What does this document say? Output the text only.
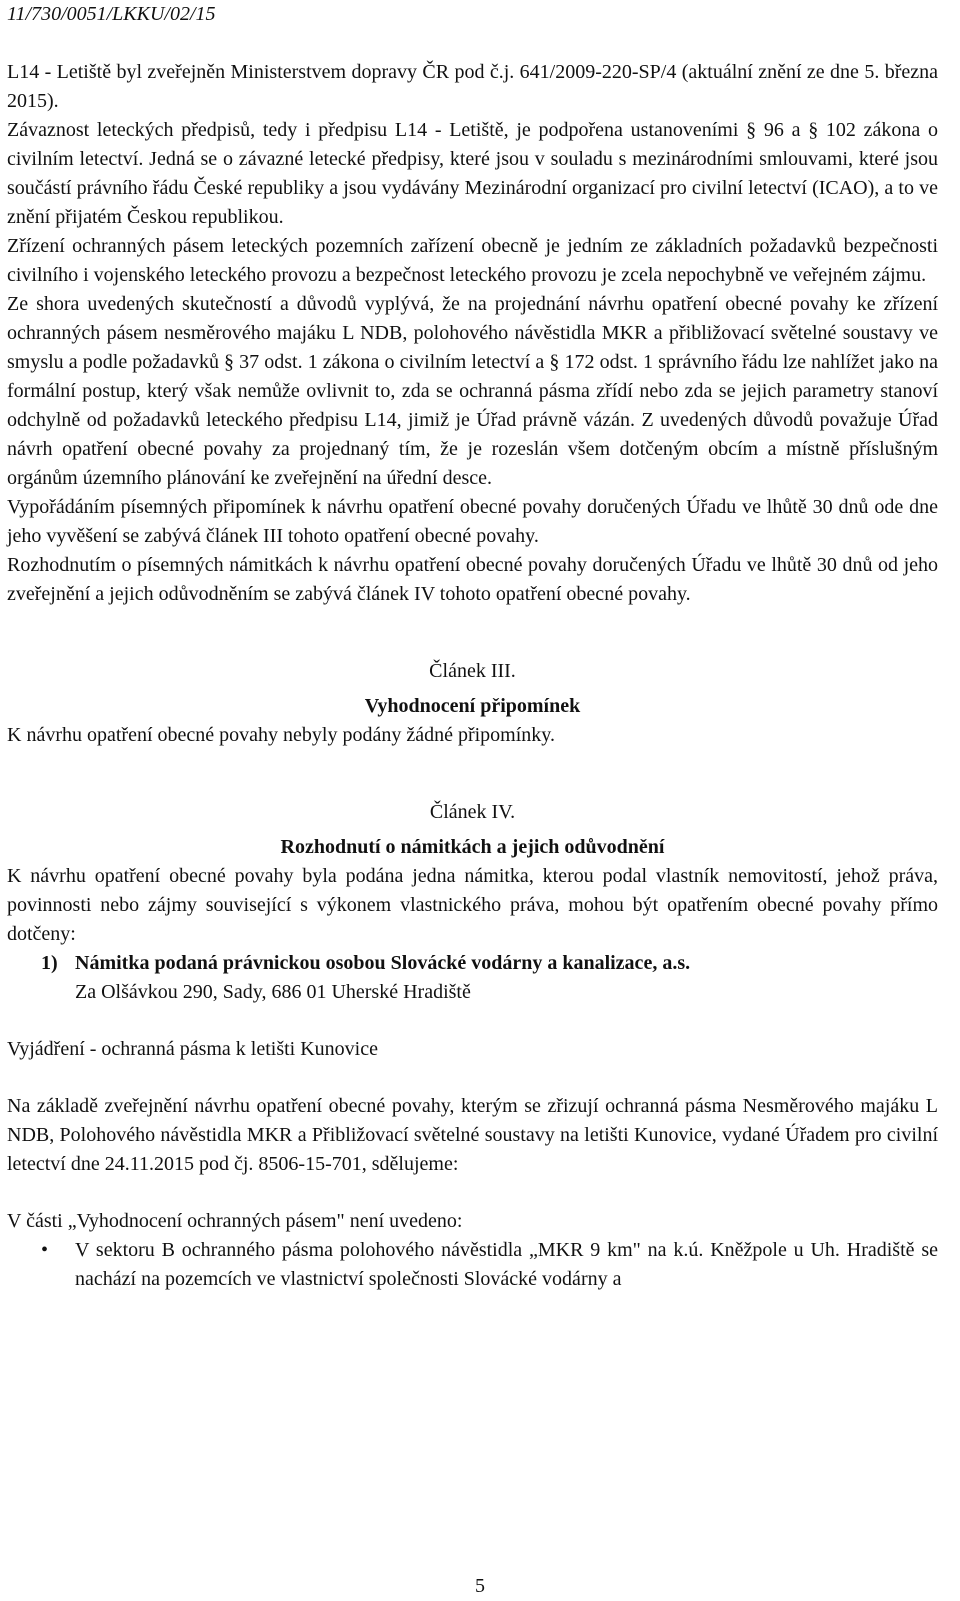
11/730/0051/LKKU/02/15

L14 - Letiště byl zveřejněn Ministerstvem dopravy ČR pod č.j. 641/2009-220-SP/4 (aktuální znění ze dne 5. března 2015).

Závaznost leteckých předpisů, tedy i předpisu L14 - Letiště, je podpořena ustanoveními § 96 a § 102 zákona o civilním letectví. Jedná se o závazné letecké předpisy, které jsou v souladu s mezinárodními smlouvami, které jsou součástí právního řádu České republiky a jsou vydávány Mezinárodní organizací pro civilní letectví (ICAO), a to ve znění přijatém Českou republikou.

Zřízení ochranných pásem leteckých pozemních zařízení obecně je jedním ze základních požadavků bezpečnosti civilního i vojenského leteckého provozu a bezpečnost leteckého provozu je zcela nepochybně ve veřejném zájmu.

Ze shora uvedených skutečností a důvodů vyplývá, že na projednání návrhu opatření obecné povahy ke zřízení ochranných pásem nesměrového majáku L NDB, polohového návěstidla MKR a přibližovací světelné soustavy ve smyslu a podle požadavků § 37 odst. 1 zákona o civilním letectví a § 172 odst. 1 správního řádu lze nahlížet jako na formální postup, který však nemůže ovlivnit to, zda se ochranná pásma zřídí nebo zda se jejich parametry stanoví odchylně od požadavků leteckého předpisu L14, jimiž je Úřad právně vázán. Z uvedených důvodů považuje Úřad návrh opatření obecné povahy za projednaný tím, že je rozeslán všem dotčeným obcím a místně příslušným orgánům územního plánování ke zveřejnění na úřední desce.

Vypořádáním písemných připomínek k návrhu opatření obecné povahy doručených Úřadu ve lhůtě 30 dnů ode dne jeho vyvěšení se zabývá článek III tohoto opatření obecné povahy.

Rozhodnutím o písemných námitkách k návrhu opatření obecné povahy doručených Úřadu ve lhůtě 30 dnů od jeho zveřejnění a jejich odůvodněním se zabývá článek IV tohoto opatření obecné povahy.

Článek III.

Vyhodnocení připomínek

K návrhu opatření obecné povahy nebyly podány žádné připomínky.

Článek IV.

Rozhodnutí o námitkách a jejich odůvodnění

K návrhu opatření obecné povahy byla podána jedna námitka, kterou podal vlastník nemovitostí, jehož práva, povinnosti nebo zájmy související s výkonem vlastnického práva, mohou být opatřením obecné povahy přímo dotčeny:

1) Námitka podaná právnickou osobou Slovácké vodárny a kanalizace, a.s.
Za Olšávkou 290, Sady, 686 01 Uherské Hradiště

Vyjádření - ochranná pásma k letišti Kunovice

Na základě zveřejnění návrhu opatření obecné povahy, kterým se zřizují ochranná pásma Nesměrového majáku L NDB, Polohového návěstidla MKR a Přibližovací světelné soustavy na letišti Kunovice, vydané Úřadem pro civilní letectví dne 24.11.2015 pod čj. 8506-15-701, sdělujeme:

V části „Vyhodnocení ochranných pásem" není uvedeno:

•	V sektoru B ochranného pásma polohového návěstidla „MKR 9 km" na k.ú. Kněžpole u Uh. Hradiště se nachází na pozemcích ve vlastnictví společnosti Slovácké vodárny a
5
